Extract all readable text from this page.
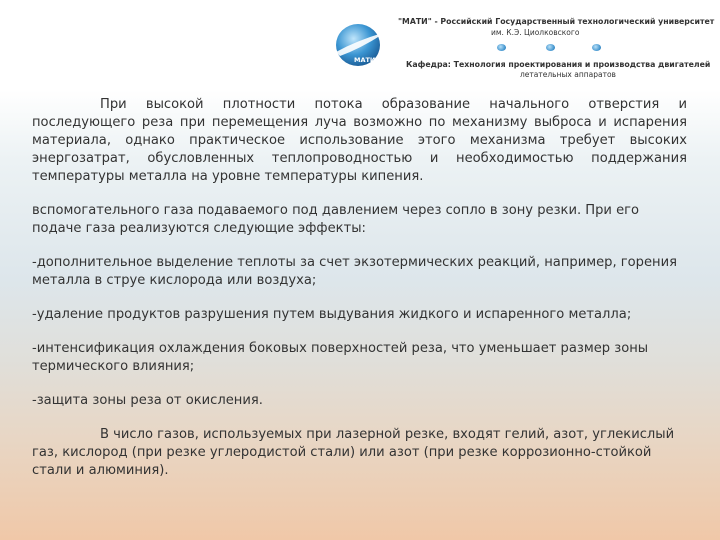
МАТИ
"МАТИ" - Российский Государственный технологический университет
им. К.Э. Циолковского
Кафедра: Технология проектирования и производства двигателей
летательных аппаратов

При высокой плотности потока образование начального отверстия и последующего реза при перемещения луча возможно по механизму выброса и испарения материала, однако практическое использование этого механизма требует высоких энергозатрат, обусловленных теплопроводностью и необходимостью поддержания температуры металла на уровне температуры кипения.

вспомогательного газа подаваемого под давлением через сопло в зону резки. При его подаче газа реализуются следующие эффекты:

-дополнительное выделение теплоты за счет экзотермических реакций, например, горения металла в струе кислорода или воздуха;

-удаление продуктов разрушения путем выдувания жидкого и испаренного металла;

-интенсификация охлаждения боковых поверхностей реза, что уменьшает размер зоны термического влияния;

-защита зоны реза от окисления.

В число газов, используемых при лазерной резке, входят гелий, азот, углекислый газ, кислород (при резке углеродистой стали) или азот (при резке коррозионно-стойкой стали и алюминия).
